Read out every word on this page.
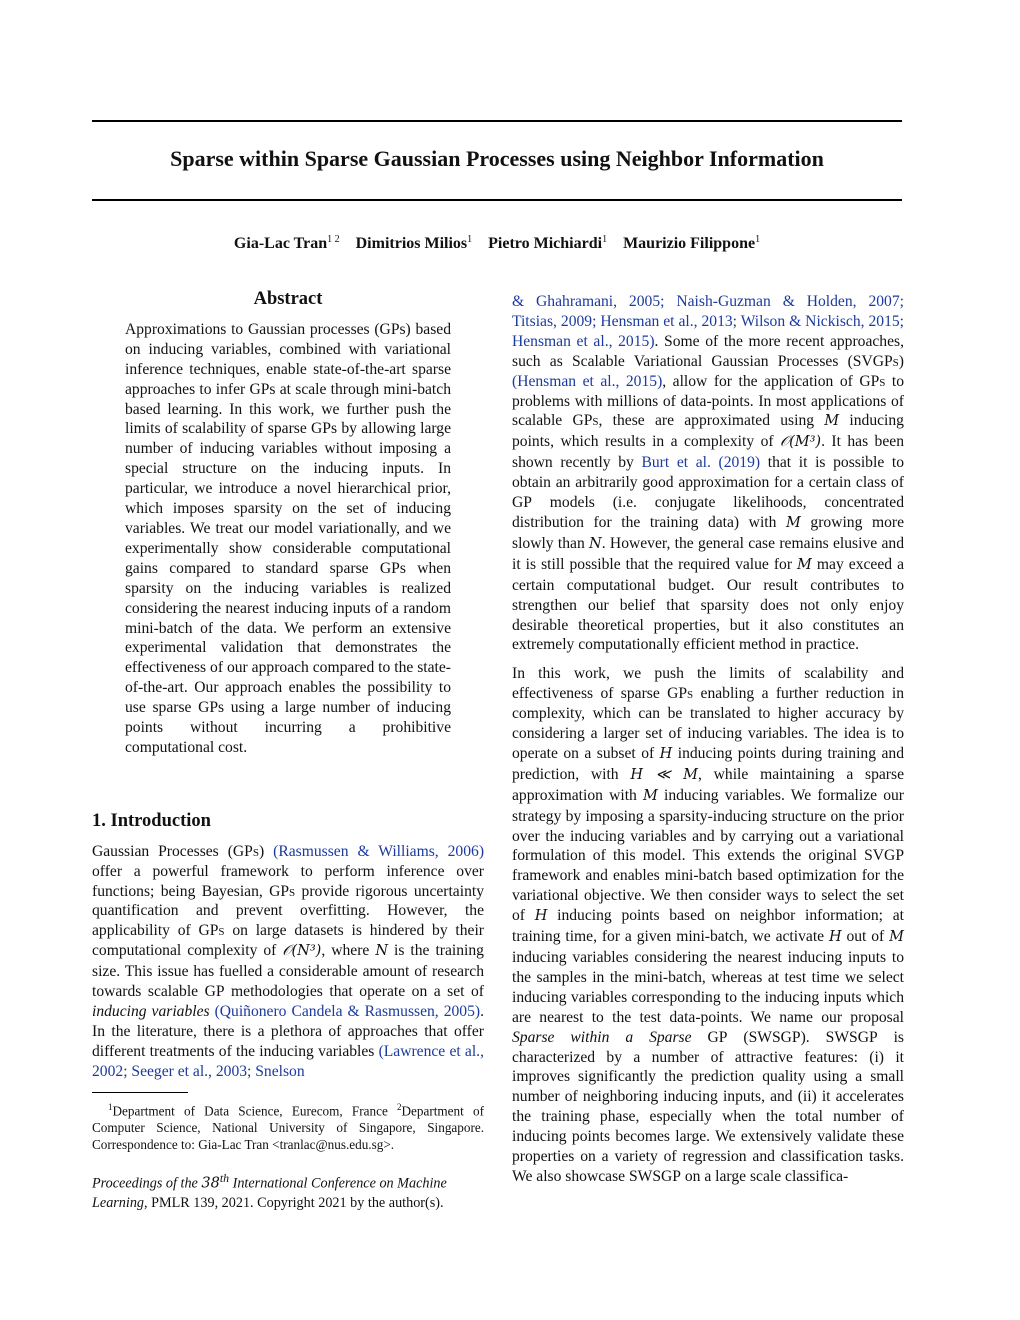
Sparse within Sparse Gaussian Processes using Neighbor Information
Gia-Lac Tran$^{1 2}$ Dimitrios Milios$^1$ Pietro Michiardi$^1$ Maurizio Filippone$^1$
Abstract

Approximations to Gaussian processes (GPs) based on inducing variables, combined with variational inference techniques, enable state-of-the-art sparse approaches to infer GPs at scale through mini-batch based learning. In this work, we further push the limits of scalability of sparse GPs by allowing large number of inducing variables without imposing a special structure on the inducing inputs. In particular, we introduce a novel hierarchical prior, which imposes sparsity on the set of inducing variables. We treat our model variationally, and we experimentally show considerable computational gains compared to standard sparse GPs when sparsity on the inducing variables is realized considering the nearest inducing inputs of a random mini-batch of the data. We perform an extensive experimental validation that demonstrates the effectiveness of our approach compared to the state-of-the-art. Our approach enables the possibility to use sparse GPs using a large number of inducing points without incurring a prohibitive computational cost.

1. Introduction

Gaussian Processes (GPs) (Rasmussen & Williams, 2006) offer a powerful framework to perform inference over functions; being Bayesian, GPs provide rigorous uncertainty quantification and prevent overfitting. However, the applicability of GPs on large datasets is hindered by their computational complexity of 𝒪(N³), where N is the training size. This issue has fuelled a considerable amount of research towards scalable GP methodologies that operate on a set of inducing variables (Quiñonero Candela & Rasmussen, 2005). In the literature, there is a plethora of approaches that offer different treatments of the inducing variables (Lawrence et al., 2002; Seeger et al., 2003; Snelson

$^1$Department of Data Science, Eurecom, France $^2$Department of Computer Science, National University of Singapore, Singapore. Correspondence to: Gia-Lac Tran <tranlac@nus.edu.sg>.

Proceedings of the 38th International Conference on Machine Learning, PMLR 139, 2021. Copyright 2021 by the author(s).

& Ghahramani, 2005; Naish-Guzman & Holden, 2007; Titsias, 2009; Hensman et al., 2013; Wilson & Nickisch, 2015; Hensman et al., 2015). Some of the more recent approaches, such as Scalable Variational Gaussian Processes (SVGPs) (Hensman et al., 2015), allow for the application of GPs to problems with millions of data-points. In most applications of scalable GPs, these are approximated using M inducing points, which results in a complexity of 𝒪(M³). It has been shown recently by Burt et al. (2019) that it is possible to obtain an arbitrarily good approximation for a certain class of GP models (i.e. conjugate likelihoods, concentrated distribution for the training data) with M growing more slowly than N. However, the general case remains elusive and it is still possible that the required value for M may exceed a certain computational budget. Our result contributes to strengthen our belief that sparsity does not only enjoy desirable theoretical properties, but it also constitutes an extremely computationally efficient method in practice.

In this work, we push the limits of scalability and effectiveness of sparse GPs enabling a further reduction in complexity, which can be translated to higher accuracy by considering a larger set of inducing variables. The idea is to operate on a subset of H inducing points during training and prediction, with H ≪ M, while maintaining a sparse approximation with M inducing variables. We formalize our strategy by imposing a sparsity-inducing structure on the prior over the inducing variables and by carrying out a variational formulation of this model. This extends the original SVGP framework and enables mini-batch based optimization for the variational objective. We then consider ways to select the set of H inducing points based on neighbor information; at training time, for a given mini-batch, we activate H out of M inducing variables considering the nearest inducing inputs to the samples in the mini-batch, whereas at test time we select inducing variables corresponding to the inducing inputs which are nearest to the test data-points. We name our proposal Sparse within a Sparse GP (SWSGP). SWSGP is characterized by a number of attractive features: (i) it improves significantly the prediction quality using a small number of neighboring inducing inputs, and (ii) it accelerates the training phase, especially when the total number of inducing points becomes large. We extensively validate these properties on a variety of regression and classification tasks. We also showcase SWSGP on a large scale classifica-
